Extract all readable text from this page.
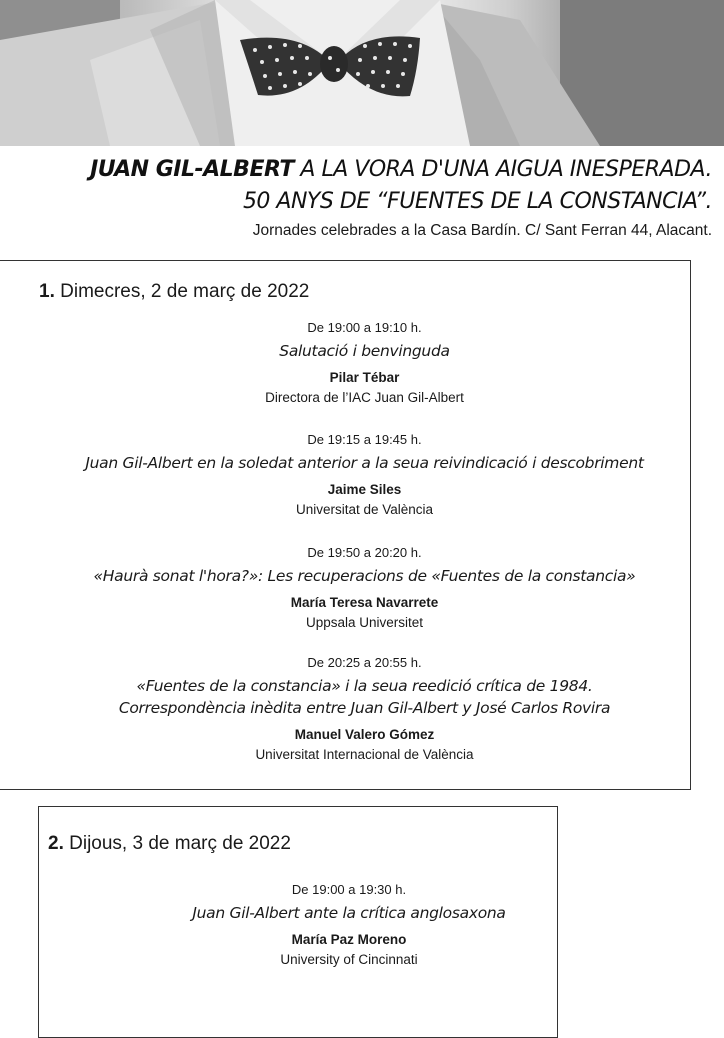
JUAN GIL-ALBERT A LA VORA D'UNA AIGUA INESPERADA.
50 ANYS DE “FUENTES DE LA CONSTANCIA”.
Jornades celebrades a la Casa Bardín. C/ Sant Ferran 44, Alacant.
1. Dimecres, 2 de març de 2022
De 19:00 a 19:10 h.
Salutació i benvinguda
Pilar Tébar
Directora de l’IAC Juan Gil-Albert
De 19:15 a 19:45 h.
Juan Gil-Albert en la soledat anterior a la seua reivindicació i descobriment
Jaime Siles
Universitat de València
De 19:50 a 20:20 h.
«Haurà sonat l'hora?»: Les recuperacions de «Fuentes de la constancia»
María Teresa Navarrete
Uppsala Universitet
De 20:25 a 20:55 h.
«Fuentes de la constancia» i la seua reedició crítica de 1984.
Correspondència inèdita entre Juan Gil-Albert y José Carlos Rovira
Manuel Valero Gómez
Universitat Internacional de València
2. Dijous, 3 de març de 2022
De 19:00 a 19:30 h.
Juan Gil-Albert ante la crítica anglosaxona
María Paz Moreno
University of Cincinnati
